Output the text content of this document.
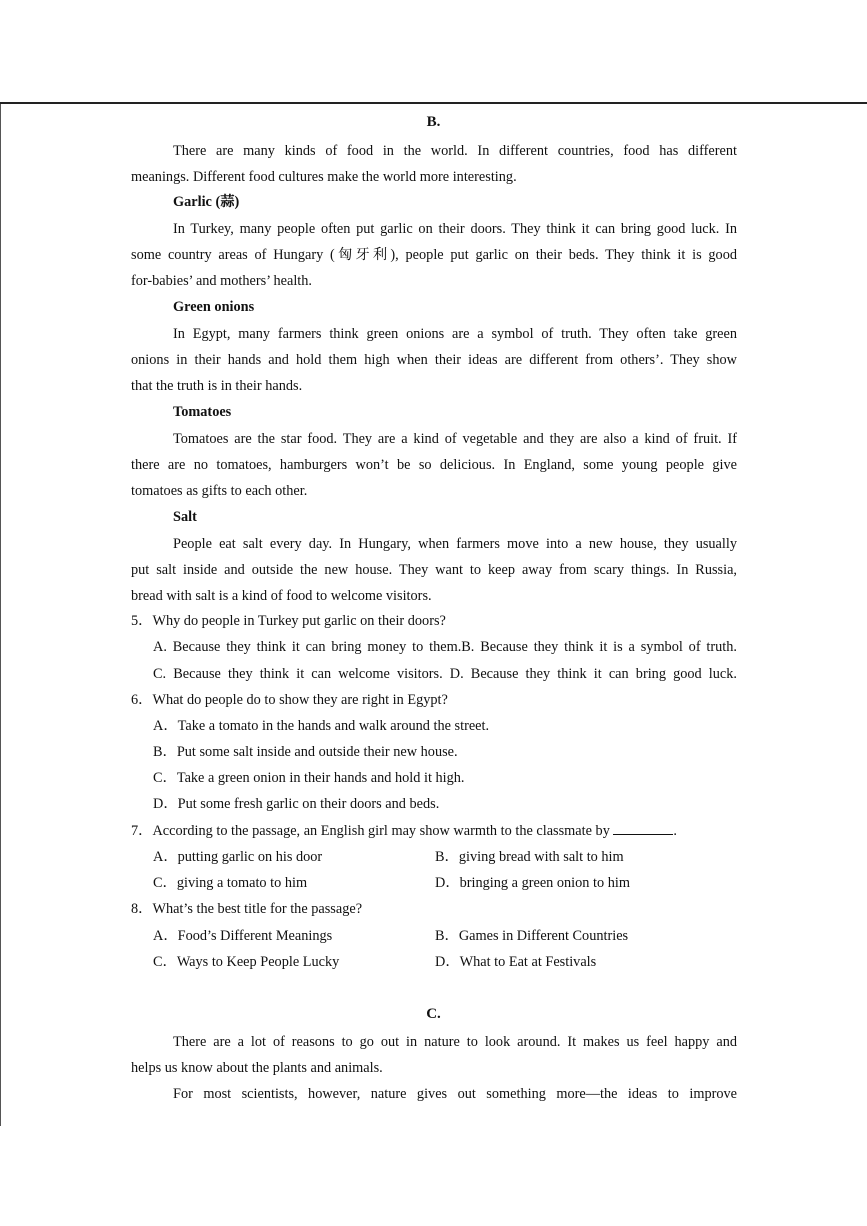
B.
There are many kinds of food in the world. In different countries, food has different
meanings. Different food cultures make the world more interesting.
Garlic (蒜)
In Turkey, many people often put garlic on their doors. They think it can bring good luck. In
some country areas of Hungary (匈牙利), people put garlic on their beds. They think it is good
for-babies’ and mothers’ health.
Green onions
In Egypt, many farmers think green onions are a symbol of truth. They often take green
onions in their hands and hold them high when their ideas are different from others’. They show
that the truth is in their hands.
Tomatoes
Tomatoes are the star food. They are a kind of vegetable and they are also a kind of fruit. If
there are no tomatoes, hamburgers won’t be so delicious. In England, some young people give
tomatoes as gifts to each other.
Salt
People eat salt every day. In Hungary, when farmers move into a new house, they usually
put salt inside and outside the new house. They want to keep away from scary things. In Russia,
bread with salt is a kind of food to welcome visitors.
5．Why do people in Turkey put garlic on their doors?
A. Because they think it can bring money to them.B. Because they think it is a symbol of truth.
C. Because they think it can welcome visitors. D. Because they think it can bring good luck.
6．What do people do to show they are right in Egypt?
A．Take a tomato in the hands and walk around the street.
B．Put some salt inside and outside their new house.
C．Take a green onion in their hands and hold it high.
D．Put some fresh garlic on their doors and beds.
7．According to the passage, an English girl may show warmth to the classmate by	.
A．putting garlic on his door	B．giving bread with salt to him
C．giving a tomato to him	D．bringing a green onion to him
8．What’s the best title for the passage?
A．Food’s Different Meanings	B．Games in Different Countries
C．Ways to Keep People Lucky	D．What to Eat at Festivals
C.
There are a lot of reasons to go out in nature to look around. It makes us feel happy and
helps us know about the plants and animals.
For most scientists, however, nature gives out something more—the ideas to improve
